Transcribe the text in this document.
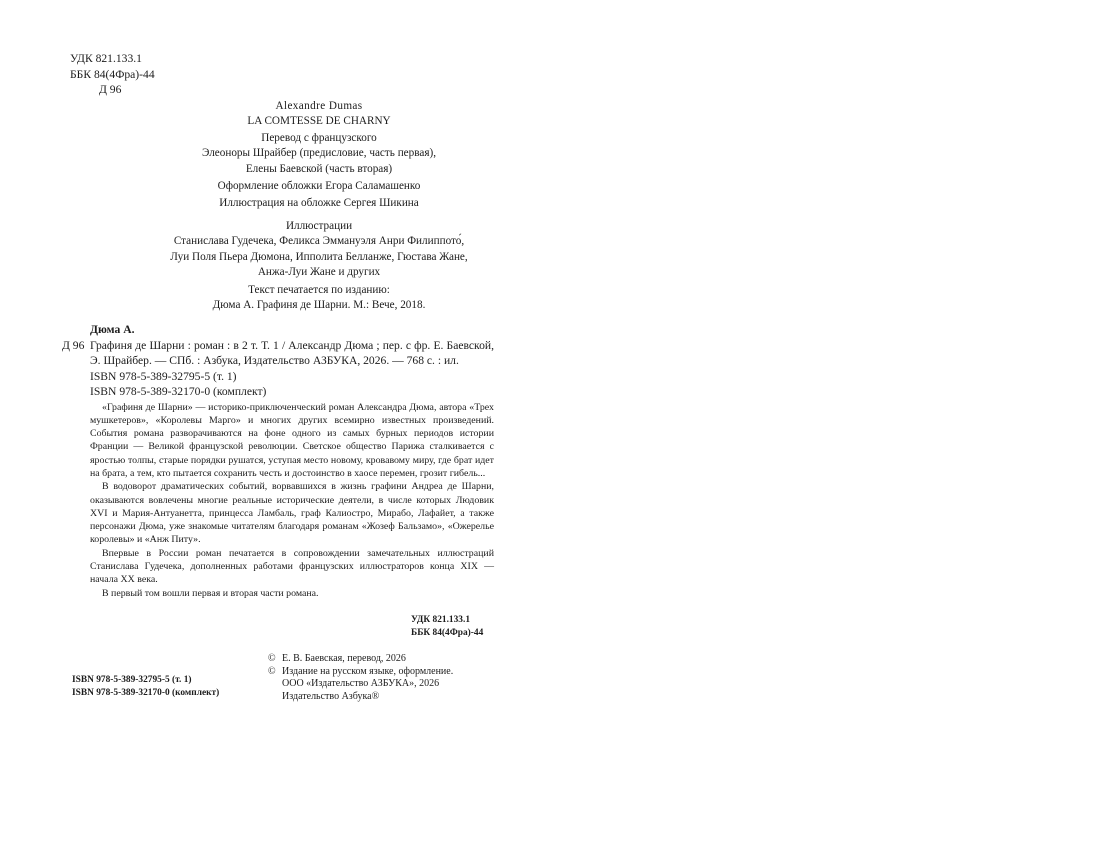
УДК 821.133.1
ББК 84(4Фра)-44
Д 96
Alexandre Dumas
LA COMTESSE DE CHARNY
Перевод с французского
Элеоноры Шрайбер (предисловие, часть первая),
Елены Баевской (часть вторая)
Оформление обложки Егора Саламашенко
Иллюстрация на обложке Сергея Шикина
Иллюстрации
Станислава Гудечека, Феликса Эммануэля Анри Филиппото́,
Луи Поля Пьера Дюмона, Ипполита Белланже, Гюстава Жане,
Анжа-Луи Жане и других
Текст печатается по изданию:
Дюма А. Графиня де Шарни. М.: Вече, 2018.
Дюма А.
Д 96 Графиня де Шарни : роман : в 2 т. Т. 1 / Александр Дюма ; пер. с фр. Е. Баевской, Э. Шрайбер. — СПб. : Азбука, Издательство АЗБУКА, 2026. — 768 с. : ил.
ISBN 978-5-389-32795-5 (т. 1)
ISBN 978-5-389-32170-0 (комплект)

«Графиня де Шарни» — историко-приключенческий роман Александра Дюма, автора «Трех мушкетеров», «Королевы Марго» и многих других всемирно известных произведений. События романа разворачиваются на фоне одного из самых бурных периодов истории Франции — Великой французской революции. Светское общество Парижа сталкивается с яростью толпы, старые порядки рушатся, уступая место новому, кровавому миру, где брат идет на брата, а тем, кто пытается сохранить честь и достоинство в хаосе перемен, грозит гибель...

В водоворот драматических событий, ворвавшихся в жизнь графини Андреа де Шарни, оказываются вовлечены многие реальные исторические деятели, в числе которых Людовик XVI и Мария-Антуанетта, принцесса Ламбаль, граф Калиостро, Мирабо, Лафайет, а также персонажи Дюма, уже знакомые читателям благодаря романам «Жозеф Бальзамо», «Ожерелье королевы» и «Анж Питу».

Впервые в России роман печатается в сопровождении замечательных иллюстраций Станислава Гудечека, дополненных работами французских иллюстраторов конца XIX — начала XX века.

В первый том вошли первая и вторая части романа.

УДК 821.133.1
ББК 84(4Фра)-44
© Е. В. Баевская, перевод, 2026
© Издание на русском языке, оформление.
ООО «Издательство АЗБУКА», 2026
Издательство Азбука®
ISBN 978-5-389-32795-5 (т. 1)
ISBN 978-5-389-32170-0 (комплект)
